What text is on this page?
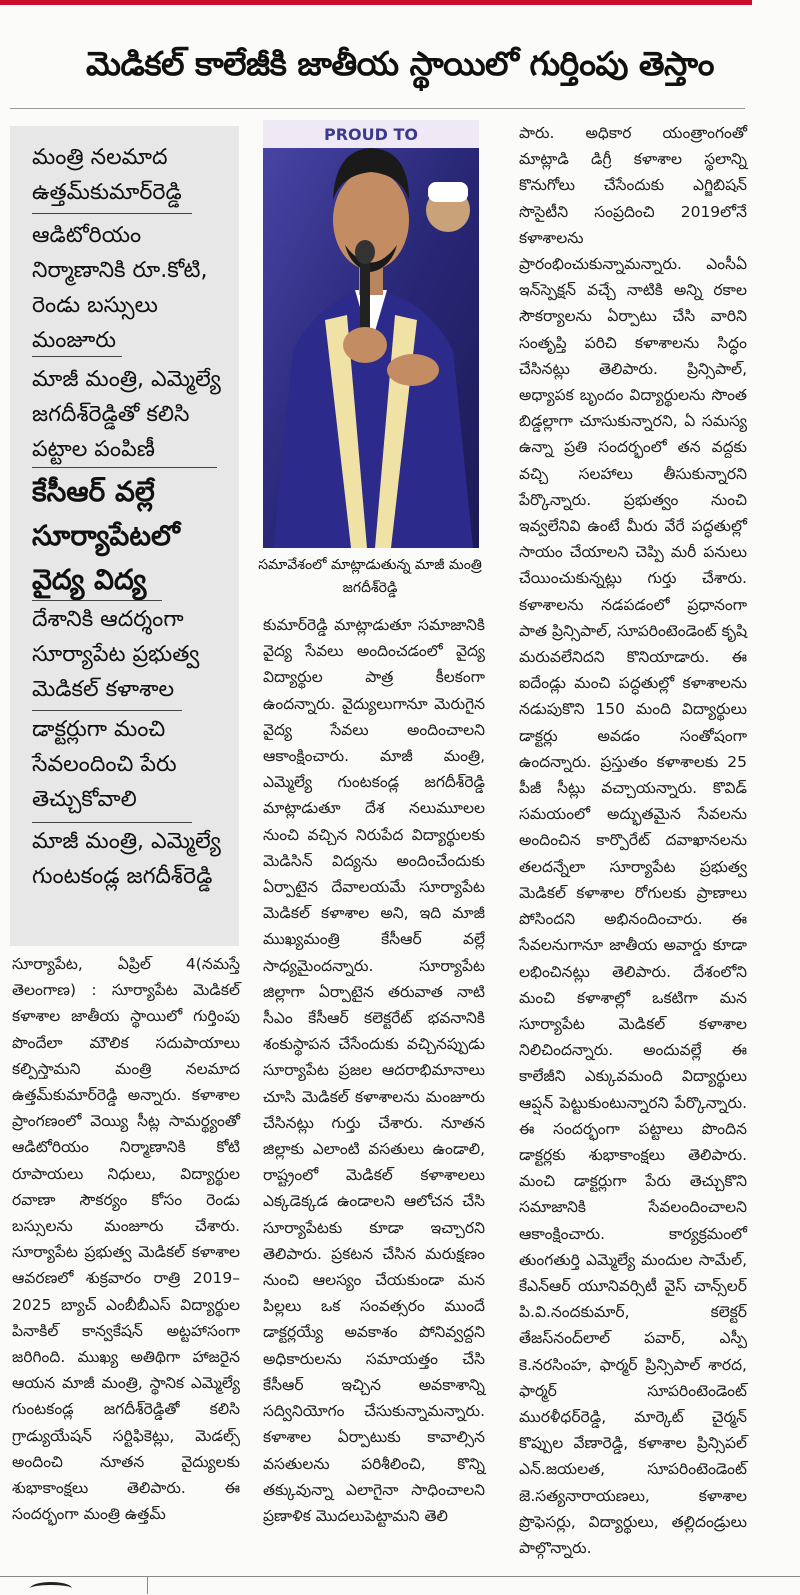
మెడికల్ కాలేజీకి జాతీయ స్థాయిలో గుర్తింపు తెస్తాం
మంత్రి నలమాద ఉత్తమ్‌కుమార్‌రెడ్డి
ఆడిటోరియం నిర్మాణానికి రూ.కోటి, రెండు బస్సులు మంజూరు
మాజీ మంత్రి, ఎమ్మెల్యే జగదీశ్‌రెడ్డితో కలిసి పట్టాల పంపిణీ
కేసీఆర్ వల్లే సూర్యాపేటలో వైద్య విద్య
దేశానికి ఆదర్శంగా సూర్యాపేట ప్రభుత్వ మెడికల్ కళాశాల
డాక్టర్లుగా మంచి సేవలందించి పేరు తెచ్చుకోవాలి
మాజీ మంత్రి, ఎమ్మెల్యే గుంటకండ్ల జగదీశ్‌రెడ్డి
PROUD TO
సమావేశంలో మాట్లాడుతున్న మాజీ మంత్రి జగదీశ్‌రెడ్డి

సూర్యాపేట, ఏప్రిల్ 4(నమస్తే తెలంగాణ) : సూర్యాపేట మెడికల్ కళాశాల జాతీయ స్థాయిలో గుర్తింపు పొందేలా మౌలిక సదుపాయాలు కల్పిస్తామని మంత్రి నలమాద ఉత్తమ్‌కుమార్‌రెడ్డి అన్నారు. కళాశాల ప్రాంగణంలో వెయ్యి సీట్ల సామర్థ్యంతో ఆడిటోరియం నిర్మాణానికి కోటి రూపాయలు నిధులు, విద్యార్థుల రవాణా సౌకర్యం కోసం రెండు బస్సులను మంజూరు చేశారు. సూర్యాపేట ప్రభుత్వ మెడికల్ కళాశాల ఆవరణలో శుక్రవారం రాత్రి 2019–2025 బ్యాచ్ ఎంబీబీఎస్ విద్యార్థుల పినాకిల్ కాన్వకేషన్ అట్టహాసంగా జరిగింది. ముఖ్య అతిథిగా హాజరైన ఆయన మాజీ మంత్రి, స్థానిక ఎమ్మెల్యే గుంటకండ్ల జగదీశ్‌రెడ్డితో కలిసి గ్రాడ్యుయేషన్ సర్టిఫికెట్లు, మెడల్స్ అందించి నూతన వైద్యులకు శుభాకాంక్షలు తెలిపారు. ఈ సందర్భంగా మంత్రి ఉత్తమ్

కుమార్‌రెడ్డి మాట్లాడుతూ సమాజానికి వైద్య సేవలు అందించడంలో వైద్య విద్యార్థుల పాత్ర కీలకంగా ఉందన్నారు. వైద్యులుగానూ మెరుగైన వైద్య సేవలు అందించాలని ఆకాంక్షించారు. మాజీ మంత్రి, ఎమ్మెల్యే గుంటకండ్ల జగదీశ్‌రెడ్డి మాట్లాడుతూ దేశ నలుమూలల నుంచి వచ్చిన నిరుపేద విద్యార్థులకు మెడిసిన్ విద్యను అందించేందుకు ఏర్పాటైన దేవాలయమే సూర్యాపేట మెడికల్ కళాశాల అని, ఇది మాజీ ముఖ్యమంత్రి కేసీఆర్ వల్లే సాధ్యమైందన్నారు. సూర్యాపేట జిల్లాగా ఏర్పాటైన తరువాత నాటి సీఎం కేసీఆర్ కలెక్టరేట్ భవనానికి శంకుస్థాపన చేసేందుకు వచ్చినప్పుడు సూర్యాపేట ప్రజల ఆదరాభిమానాలు చూసి మెడికల్ కళాశాలను మంజూరు చేసినట్లు గుర్తు చేశారు. నూతన జిల్లాకు ఎలాంటి వసతులు ఉండాలి, రాష్ట్రంలో మెడికల్ కళాశాలలు ఎక్కడెక్కడ ఉండాలని ఆలోచన చేసి సూర్యాపేటకు కూడా ఇచ్చారని తెలిపారు. ప్రకటన చేసిన మరుక్షణం నుంచి ఆలస్యం చేయకుండా మన పిల్లలు ఒక సంవత్సరం ముందే డాక్టర్లయ్యే అవకాశం పోనివ్వద్దని అధికారులను సమాయత్తం చేసి కేసీఆర్ ఇచ్చిన అవకాశాన్ని సద్వినియోగం చేసుకున్నామన్నారు. కళాశాల ఏర్పాటుకు కావాల్సిన వసతులను పరిశీలించి, కొన్ని తక్కువున్నా ఎలాగైనా సాధించాలని ప్రణాళిక మొదలుపెట్టామని తెలి

పారు. అధికార యంత్రాంగంతో మాట్లాడి డిగ్రీ కళాశాల స్థలాన్ని కొనుగోలు చేసేందుకు ఎగ్జిబిషన్ సొసైటీని సంప్రదించి 2019లోనే కళాశాలను ప్రారంభించుకున్నామన్నారు. ఎంసీఏ ఇన్‌స్పెక్షన్ వచ్చే నాటికి అన్ని రకాల సౌకర్యాలను ఏర్పాటు చేసి వారిని సంతృప్తి పరిచి కళాశాలను సిద్ధం చేసినట్లు తెలిపారు. ప్రిన్సిపాల్, అధ్యాపక బృందం విద్యార్థులను సొంత బిడ్డల్లాగా చూసుకున్నారని, ఏ సమస్య ఉన్నా ప్రతి సందర్భంలో తన వద్దకు వచ్చి సలహాలు తీసుకున్నారని పేర్కొన్నారు. ప్రభుత్వం నుంచి ఇవ్వలేనివి ఉంటే మీరు వేరే పద్ధతుల్లో సాయం చేయాలని చెప్పి మరీ పనులు చేయించుకున్నట్లు గుర్తు చేశారు. కళాశాలను నడపడంలో ప్రధానంగా పాత ప్రిన్సిపాల్, సూపరింటెండెంట్ కృషి మరువలేనిదని కొనియాడారు. ఈ ఐదేండ్లు మంచి పద్ధతుల్లో కళాశాలను నడుపుకొని 150 మంది విద్యార్థులు డాక్టర్లు అవడం సంతోషంగా ఉందన్నారు. ప్రస్తుతం కళాశాలకు 25 పీజీ సీట్లు వచ్చాయన్నారు. కొవిడ్ సమయంలో అద్భుతమైన సేవలను అందించిన కార్పొరేట్ దవాఖానలను తలదన్నేలా సూర్యాపేట ప్రభుత్వ మెడికల్ కళాశాల రోగులకు ప్రాణాలు పోసిందని అభినందించారు. ఈ సేవలనుగానూ జాతీయ అవార్డు కూడా లభించినట్లు తెలిపారు. దేశంలోని మంచి కళాశాల్లో ఒకటిగా మన సూర్యాపేట మెడికల్ కళాశాల నిలిచిందన్నారు. అందువల్లే ఈ కాలేజీని ఎక్కువమంది విద్యార్థులు ఆప్షన్ పెట్టుకుంటున్నారని పేర్కొన్నారు. ఈ సందర్భంగా పట్టాలు పొందిన డాక్టర్లకు శుభాకాంక్షలు తెలిపారు. మంచి డాక్టర్లుగా పేరు తెచ్చుకొని సమాజానికి సేవలందించాలని ఆకాంక్షించారు. కార్యక్రమంలో తుంగతుర్తి ఎమ్మెల్యే మందుల సామేల్, కేఎన్‌ఆర్ యూనివర్సిటీ వైస్ చాన్స్‌లర్ పి.వి.నందకుమార్, కలెక్టర్ తేజస్‌నంద్‌లాల్ పవార్, ఎస్పీ కె.నరసింహ, ఫార్మర్ ప్రిన్సిపాల్ శారద, ఫార్మర్ సూపరింటెండెంట్ మురళీధర్‌రెడ్డి, మార్కెట్ చైర్మన్ కొప్పుల వేణారెడ్డి, కళాశాల ప్రిన్సిపల్ ఎన్.జయలత, సూపరింటెండెంట్ జె.సత్యనారాయణలు, కళాశాల ప్రొఫెసర్లు, విద్యార్థులు, తల్లిదండ్రులు పాల్గొన్నారు.
